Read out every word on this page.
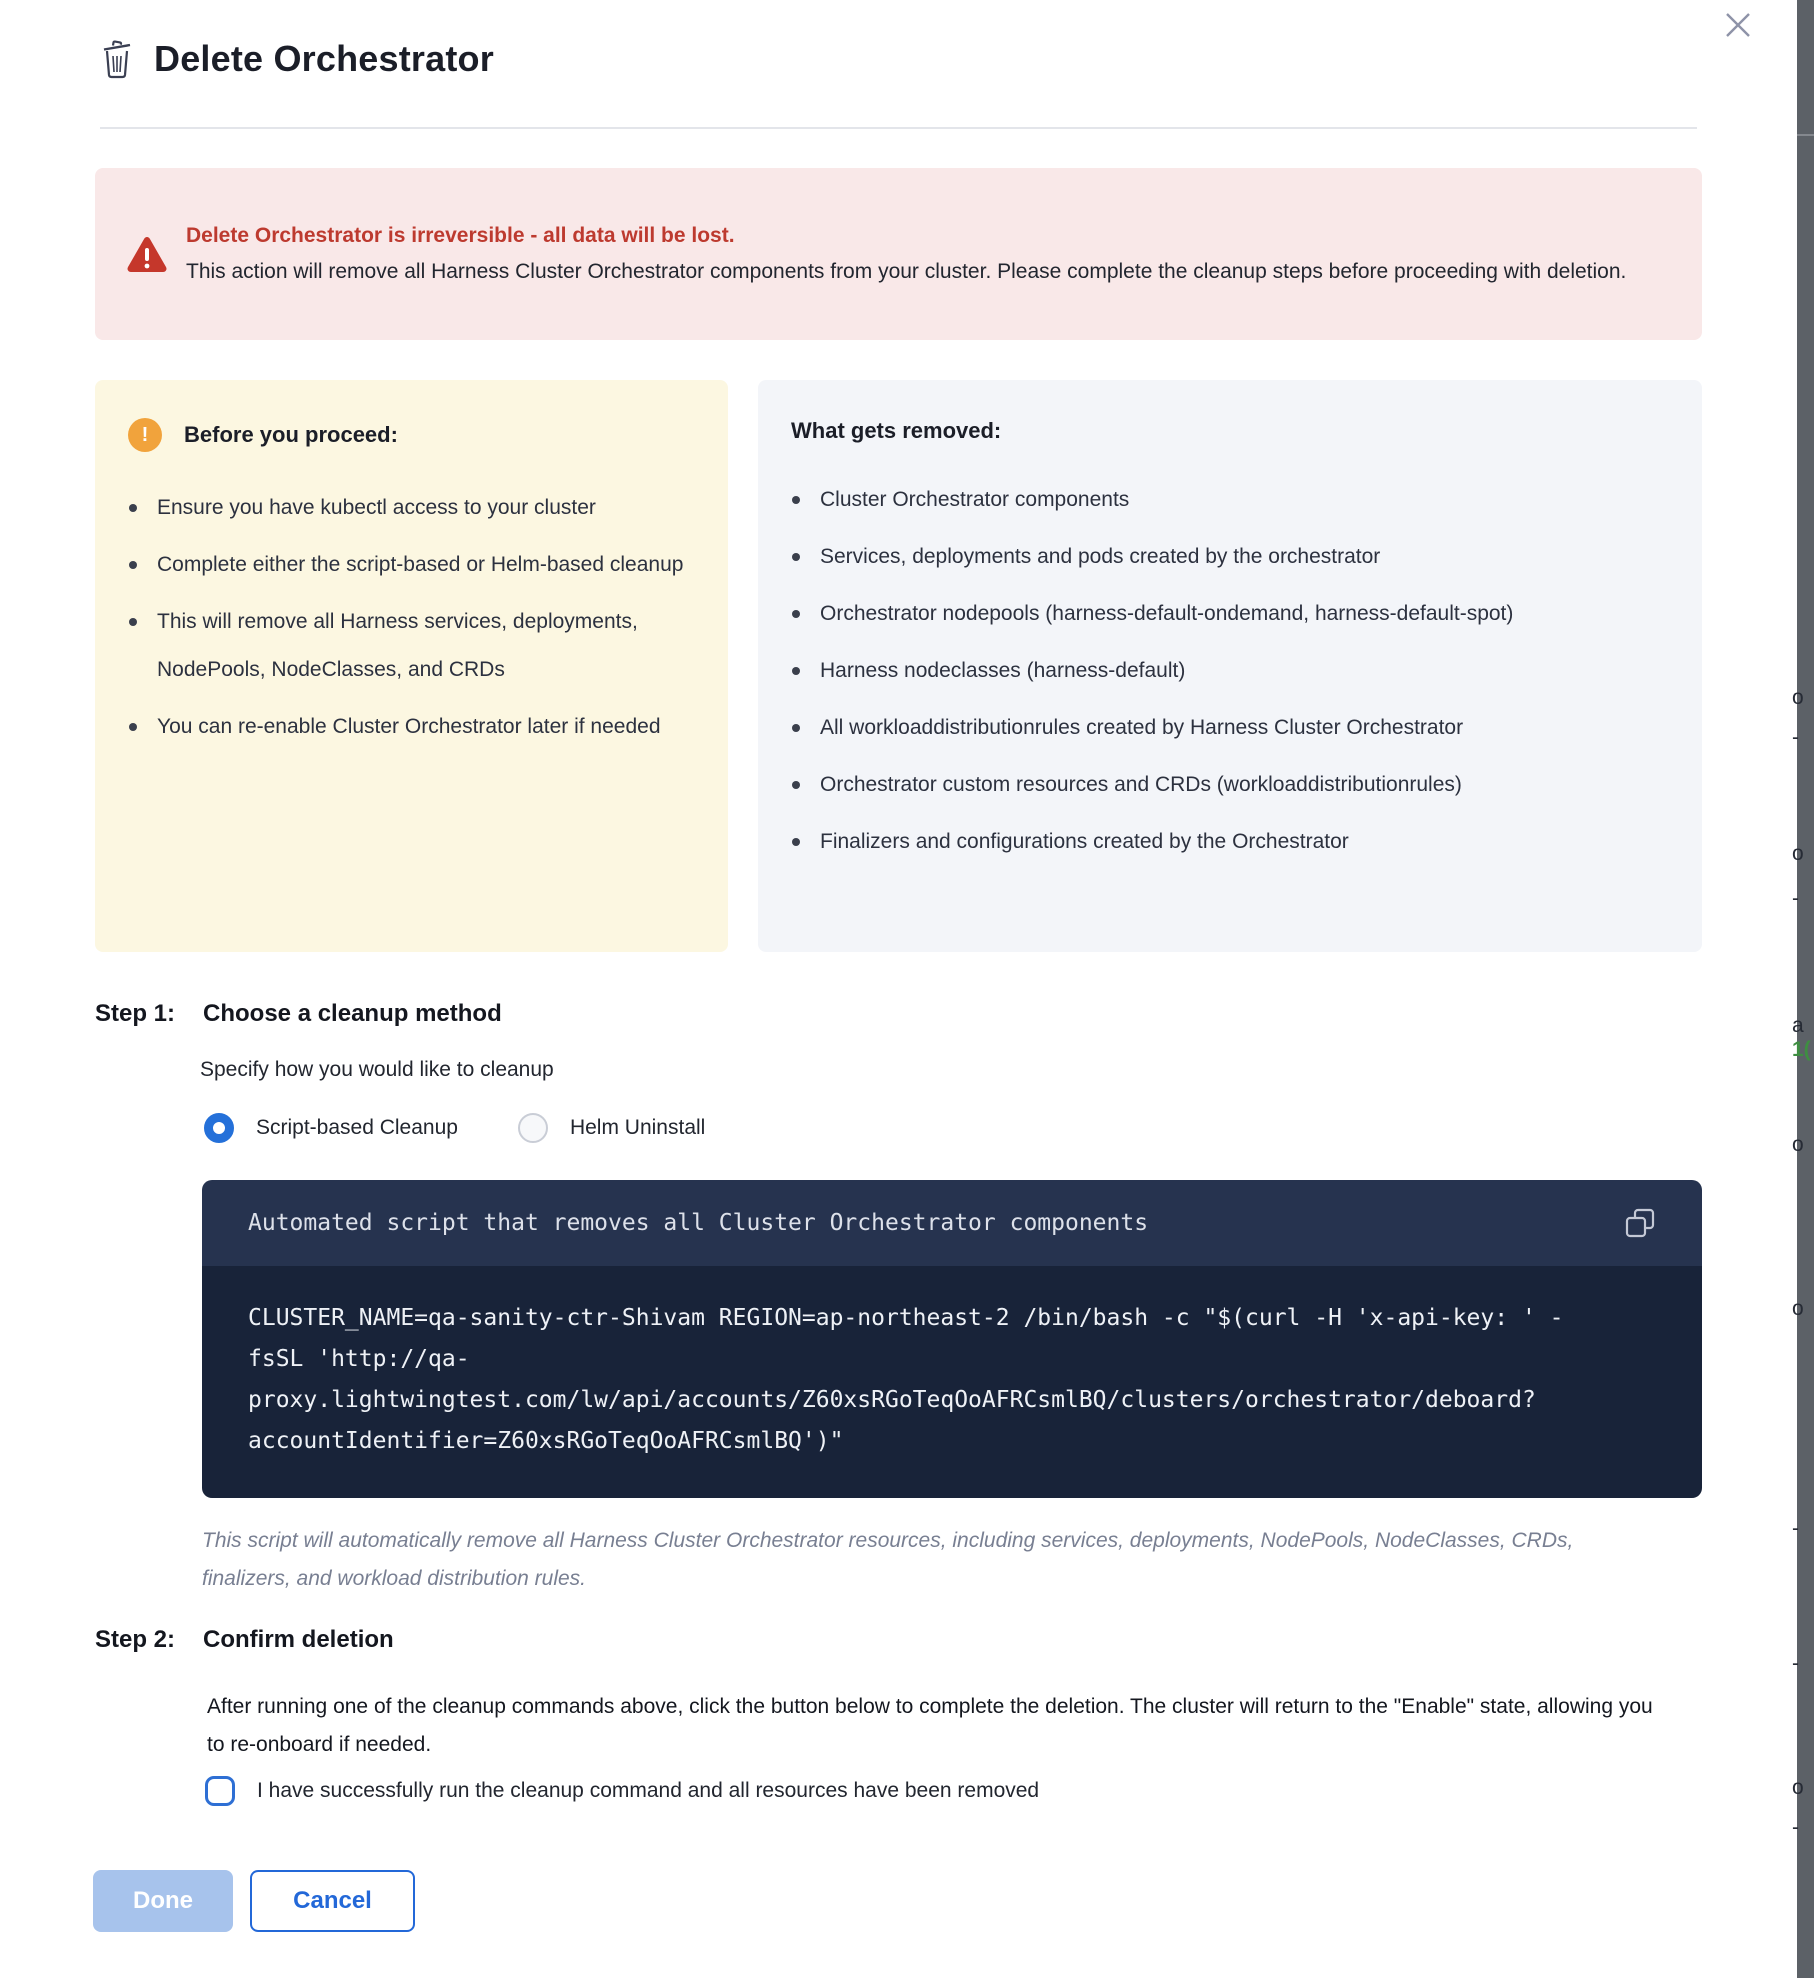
Delete Orchestrator
Delete Orchestrator is irreversible - all data will be lost.
This action will remove all Harness Cluster Orchestrator components from your cluster. Please complete the cleanup steps before proceeding with deletion.
!	Before you proceed:
Ensure you have kubectl access to your cluster
Complete either the script-based or Helm-based cleanup
This will remove all Harness services, deployments, NodePools, NodeClasses, and CRDs
You can re-enable Cluster Orchestrator later if needed
What gets removed:
Cluster Orchestrator components
Services, deployments and pods created by the orchestrator
Orchestrator nodepools (harness-default-ondemand, harness-default-spot)
Harness nodeclasses (harness-default)
All workloaddistributionrules created by Harness Cluster Orchestrator
Orchestrator custom resources and CRDs (workloaddistributionrules)
Finalizers and configurations created by the Orchestrator
Step 1: Choose a cleanup method
Specify how you would like to cleanup
Script-based Cleanup	Helm Uninstall
Automated script that removes all Cluster Orchestrator components
CLUSTER_NAME=qa-sanity-ctr-Shivam REGION=ap-northeast-2 /bin/bash -c "$(curl -H 'x-api-key: ' -
fsSL 'http://qa-
proxy.lightwingtest.com/lw/api/accounts/Z60xsRGoTeqOoAFRCsmlBQ/clusters/orchestrator/deboard?
accountIdentifier=Z60xsRGoTeqOoAFRCsmlBQ')"
This script will automatically remove all Harness Cluster Orchestrator resources, including services, deployments, NodePools, NodeClasses, CRDs, finalizers, and workload distribution rules.
Step 2: Confirm deletion
After running one of the cleanup commands above, click the button below to complete the deletion. The cluster will return to the "Enable" state, allowing you to re-onboard if needed.
I have successfully run the cleanup command and all resources have been removed
Done	Cancel
o
-
o
-
a
1(
o
o
-
-
o
-
